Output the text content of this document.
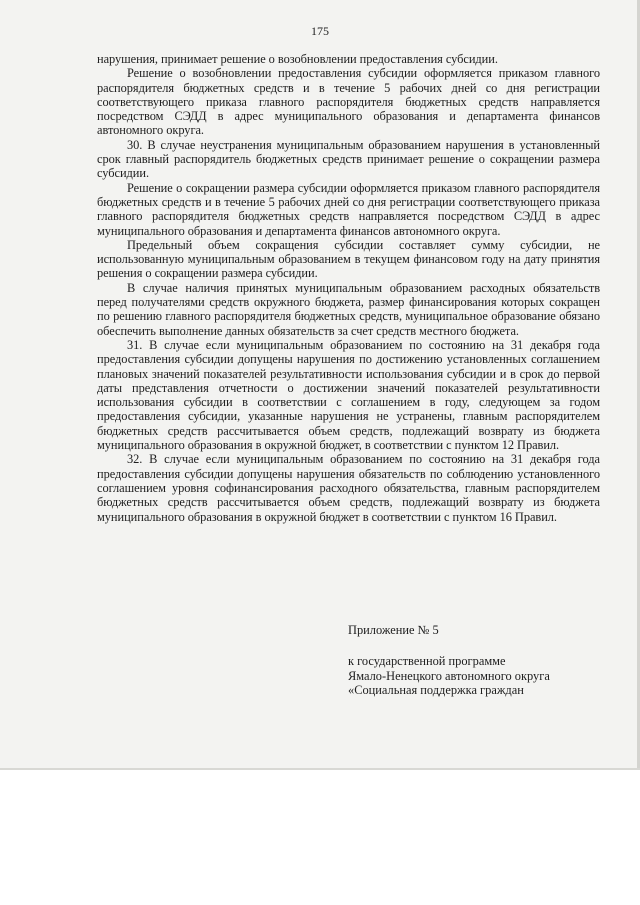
175

нарушения, принимает решение о возобновлении предоставления субсидии.

Решение о возобновлении предоставления субсидии оформляется приказом главного распорядителя бюджетных средств и в течение 5 рабочих дней со дня регистрации соответствующего приказа главного распорядителя бюджетных средств направляется посредством СЭДД в адрес муниципального образования и департамента финансов автономного округа.

30. В случае неустранения муниципальным образованием нарушения в установленный срок главный распорядитель бюджетных средств принимает решение о сокращении размера субсидии.

Решение о сокращении размера субсидии оформляется приказом главного распорядителя бюджетных средств и в течение 5 рабочих дней со дня регистрации соответствующего приказа главного распорядителя бюджетных средств направляется посредством СЭДД в адрес муниципального образования и департамента финансов автономного округа.

Предельный объем сокращения субсидии составляет сумму субсидии, не использованную муниципальным образованием в текущем финансовом году на дату принятия решения о сокращении размера субсидии.

В случае наличия принятых муниципальным образованием расходных обязательств перед получателями средств окружного бюджета, размер финансирования которых сокращен по решению главного распорядителя бюджетных средств, муниципальное образование обязано обеспечить выполнение данных обязательств за счет средств местного бюджета.

31. В случае если муниципальным образованием по состоянию на 31 декабря года предоставления субсидии допущены нарушения по достижению установленных соглашением плановых значений показателей результативности использования субсидии и в срок до первой даты представления отчетности о достижении значений показателей результативности использования субсидии в соответствии с соглашением в году, следующем за годом предоставления субсидии, указанные нарушения не устранены, главным распорядителем бюджетных средств рассчитывается объем средств, подлежащий возврату из бюджета муниципального образования в окружной бюджет, в соответствии с пунктом 12 Правил.

32. В случае если муниципальным образованием по состоянию на 31 декабря года предоставления субсидии допущены нарушения обязательств по соблюдению установленного соглашением уровня софинансирования расходного обязательства, главным распорядителем бюджетных средств рассчитывается объем средств, подлежащий возврату из бюджета муниципального образования в окружной бюджет в соответствии с пунктом 16 Правил.

Приложение № 5

к государственной программе

Ямало-Ненецкого автономного округа

«Социальная поддержка граждан
